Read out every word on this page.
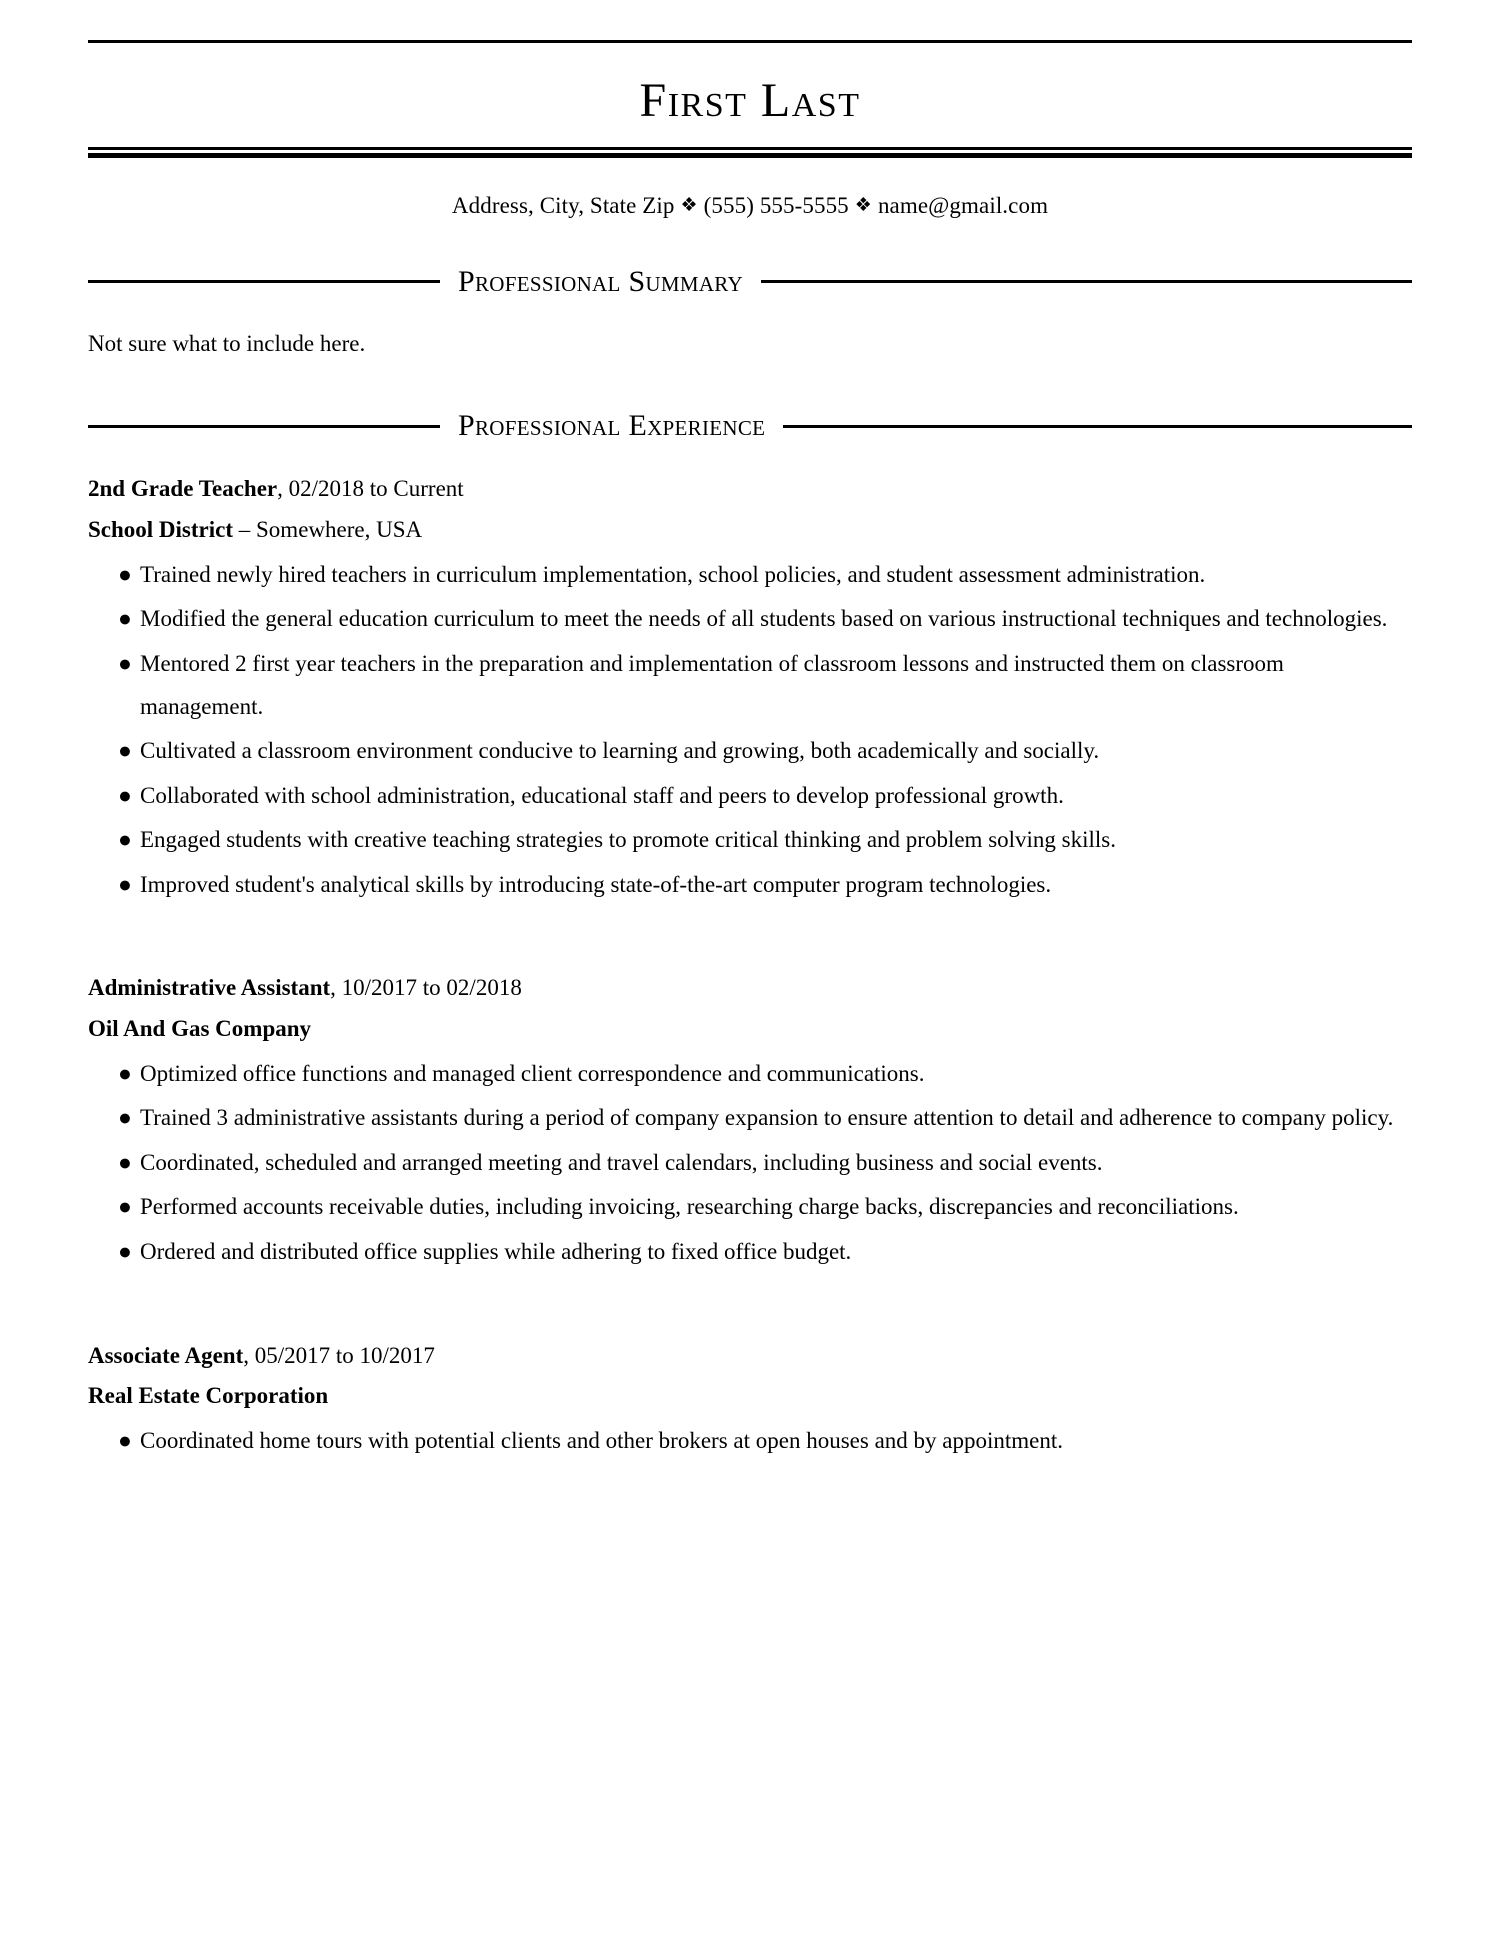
First Last
Address, City, State Zip ❖ (555) 555-5555 ❖ name@gmail.com
Professional Summary
Not sure what to include here.
Professional Experience
2nd Grade Teacher, 02/2018 to Current
School District – Somewhere, USA
● Trained newly hired teachers in curriculum implementation, school policies, and student assessment administration.
● Modified the general education curriculum to meet the needs of all students based on various instructional techniques and technologies.
● Mentored 2 first year teachers in the preparation and implementation of classroom lessons and instructed them on classroom management.
● Cultivated a classroom environment conducive to learning and growing, both academically and socially.
● Collaborated with school administration, educational staff and peers to develop professional growth.
● Engaged students with creative teaching strategies to promote critical thinking and problem solving skills.
● Improved student's analytical skills by introducing state-of-the-art computer program technologies.
Administrative Assistant, 10/2017 to 02/2018
Oil And Gas Company
● Optimized office functions and managed client correspondence and communications.
● Trained 3 administrative assistants during a period of company expansion to ensure attention to detail and adherence to company policy.
● Coordinated, scheduled and arranged meeting and travel calendars, including business and social events.
● Performed accounts receivable duties, including invoicing, researching charge backs, discrepancies and reconciliations.
● Ordered and distributed office supplies while adhering to fixed office budget.
Associate Agent, 05/2017 to 10/2017
Real Estate Corporation
● Coordinated home tours with potential clients and other brokers at open houses and by appointment.
